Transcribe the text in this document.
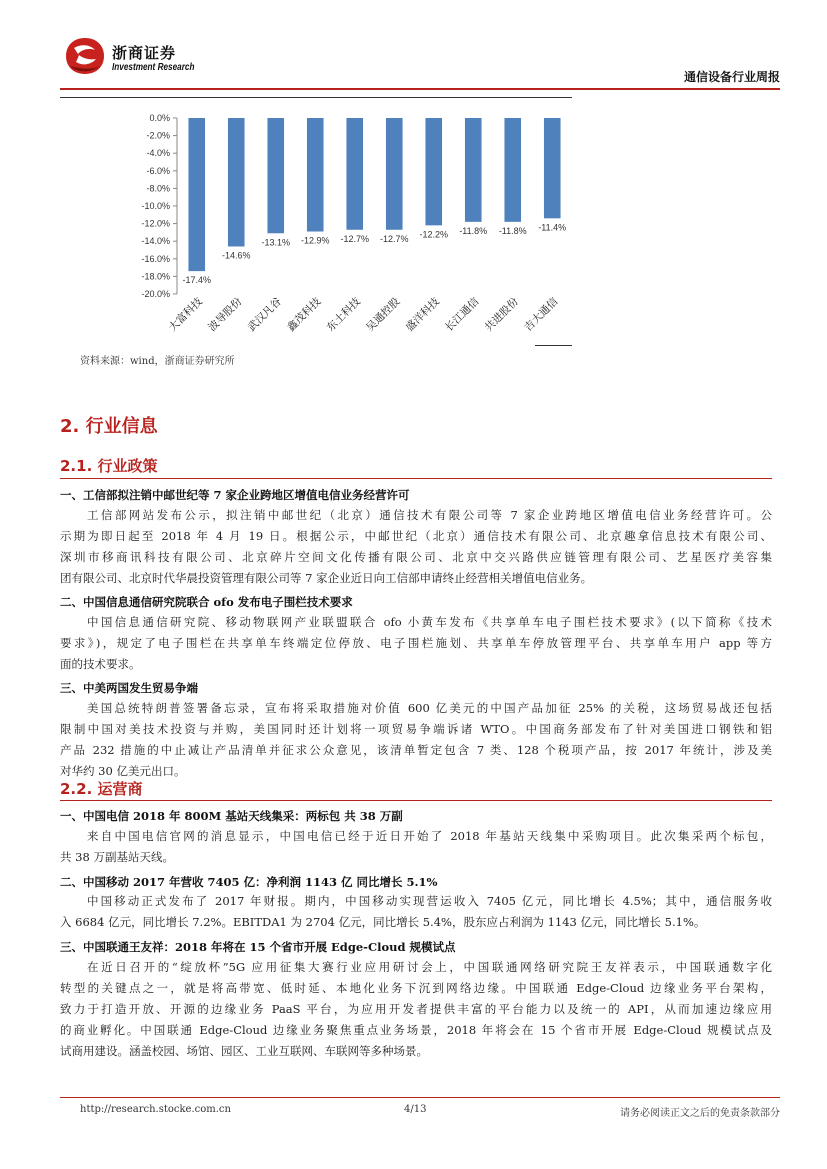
浙商证券
Investment Research
通信设备行业周报
0.0%
-2.0%
-4.0%
-6.0%
-8.0%
-10.0%
-12.0%
-14.0%
-16.0%
-18.0%
-20.0%
-17.4%
大富科技
-14.6%
波导股份
-13.1%
武汉凡谷
-12.9%
鑫茂科技
-12.7%
东土科技
-12.7%
吴通控股
-12.2%
盛洋科技
-11.8%
长江通信
-11.8%
共进股份
-11.4%
吉大通信
资料来源：wind，浙商证券研究所
2. 行业信息
2.1. 行业政策
一、工信部拟注销中邮世纪等 7 家企业跨地区增值电信业务经营许可
工信部网站发布公示，拟注销中邮世纪（北京）通信技术有限公司等 7 家企业跨地区增值电信业务经营许可。公
示期为即日起至 2018 年 4 月 19 日。根据公示，中邮世纪（北京）通信技术有限公司、北京趣拿信息技术有限公司、
深圳市移商讯科技有限公司、北京碎片空间文化传播有限公司、北京中交兴路供应链管理有限公司、艺星医疗美容集
团有限公司、北京时代华晨投资管理有限公司等 7 家企业近日向工信部申请终止经营相关增值电信业务。
二、中国信息通信研究院联合 ofo 发布电子围栏技术要求
中国信息通信研究院、移动物联网产业联盟联合 ofo 小黄车发布《共享单车电子围栏技术要求》(以下简称《技术
要求》)，规定了电子围栏在共享单车终端定位停放、电子围栏施划、共享单车停放管理平台、共享单车用户 app 等方
面的技术要求。
三、中美两国发生贸易争端
美国总统特朗普签署备忘录，宣布将采取措施对价值 600 亿美元的中国产品加征 25% 的关税，这场贸易战还包括
限制中国对美技术投资与并购，美国同时还计划将一项贸易争端诉诸 WTO。中国商务部发布了针对美国进口钢铁和铝
产品 232 措施的中止减让产品清单并征求公众意见，该清单暂定包含 7 类、128 个税项产品，按 2017 年统计，涉及美
对华约 30 亿美元出口。
2.2. 运营商
一、中国电信 2018 年 800M 基站天线集采：两标包 共 38 万副
来自中国电信官网的消息显示，中国电信已经于近日开始了 2018 年基站天线集中采购项目。此次集采两个标包，
共 38 万副基站天线。
二、中国移动 2017 年营收 7405 亿：净利润 1143 亿 同比增长 5.1%
中国移动正式发布了 2017 年财报。期内，中国移动实现营运收入 7405 亿元，同比增长 4.5%；其中，通信服务收
入 6684 亿元，同比增长 7.2%。EBITDA1 为 2704 亿元，同比增长 5.4%，股东应占利润为 1143 亿元，同比增长 5.1%。
三、中国联通王友祥：2018 年将在 15 个省市开展 Edge-Cloud 规模试点
在近日召开的“绽放杯”5G 应用征集大赛行业应用研讨会上，中国联通网络研究院王友祥表示，中国联通数字化
转型的关键点之一，就是将高带宽、低时延、本地化业务下沉到网络边缘。中国联通 Edge-Cloud 边缘业务平台架构，
致力于打造开放、开源的边缘业务 PaaS 平台，为应用开发者提供丰富的平台能力以及统一的 API，从而加速边缘应用
的商业孵化。中国联通 Edge-Cloud 边缘业务聚焦重点业务场景，2018 年将会在 15 个省市开展 Edge-Cloud 规模试点及
试商用建设。涵盖校园、场馆、园区、工业互联网、车联网等多种场景。
http://research.stocke.com.cn	4/13	请务必阅读正文之后的免责条款部分
